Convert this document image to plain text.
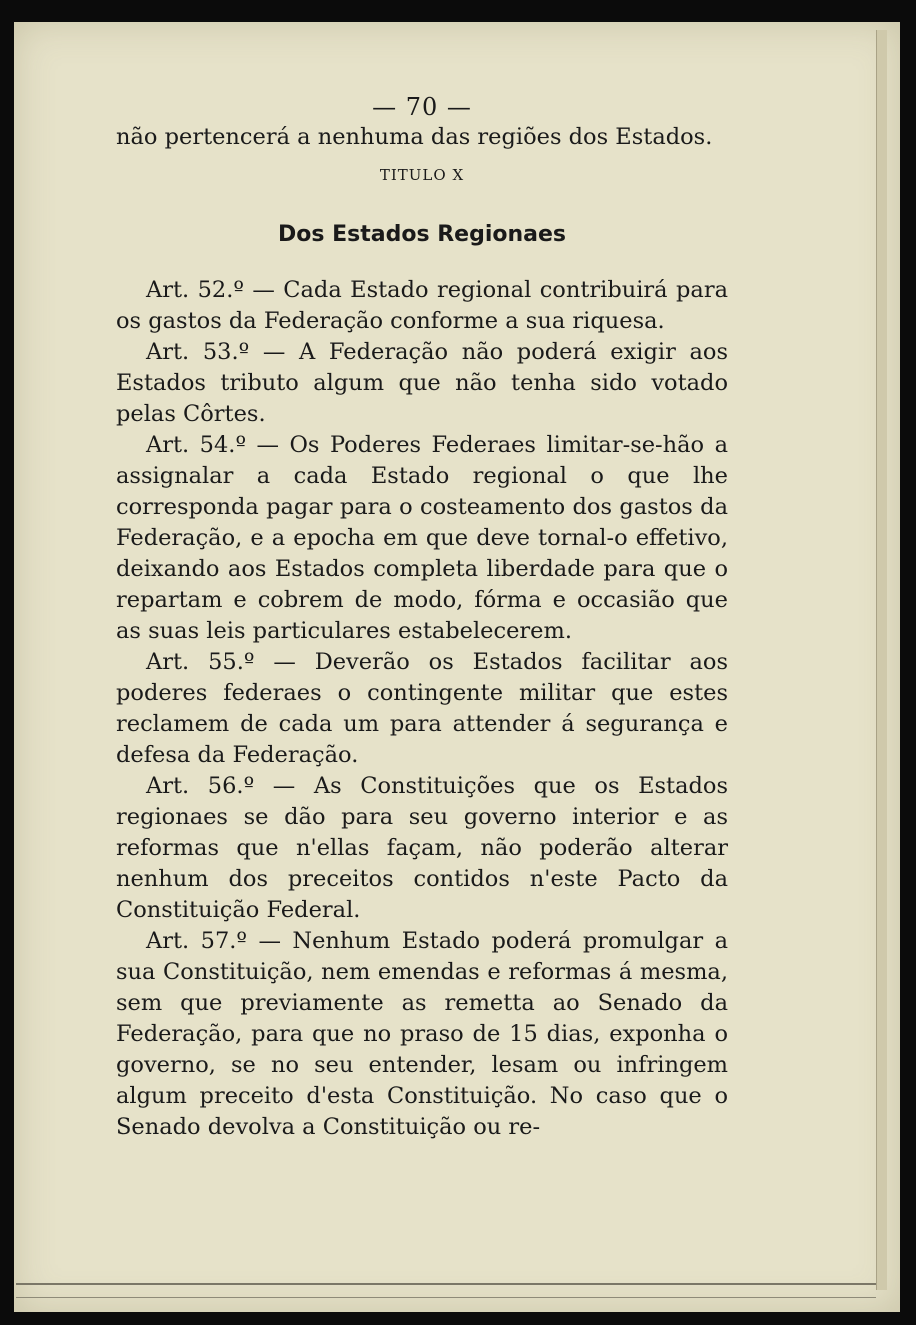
— 70 —

não pertencerá a nenhuma das regiões dos Estados.

TITULO X
Dos Estados Regionaes

Art. 52.º — Cada Estado regional contribuirá para os gastos da Federação conforme a sua riquesa.

Art. 53.º — A Federação não poderá exigir aos Estados tributo algum que não tenha sido votado pelas Côrtes.

Art. 54.º — Os Poderes Federaes limitar-se-hão a assignalar a cada Estado regional o que lhe corresponda pagar para o costeamento dos gastos da Federação, e a epocha em que deve tornal-o effetivo, deixando aos Estados completa liberdade para que o repartam e cobrem de modo, fórma e occasião que as suas leis particulares estabelecerem.

Art. 55.º — Deverão os Estados facilitar aos poderes federaes o contingente militar que estes reclamem de cada um para attender á segurança e defesa da Federação.

Art. 56.º — As Constituições que os Estados regionaes se dão para seu governo interior e as reformas que n'ellas façam, não poderão alterar nenhum dos preceitos contidos n'este Pacto da Constituição Federal.

Art. 57.º — Nenhum Estado poderá promulgar a sua Constituição, nem emendas e reformas á mesma, sem que previamente as remetta ao Senado da Federação, para que no praso de 15 dias, exponha o governo, se no seu entender, lesam ou infringem algum preceito d'esta Constituição. No caso que o Senado devolva a Constituição ou re-
